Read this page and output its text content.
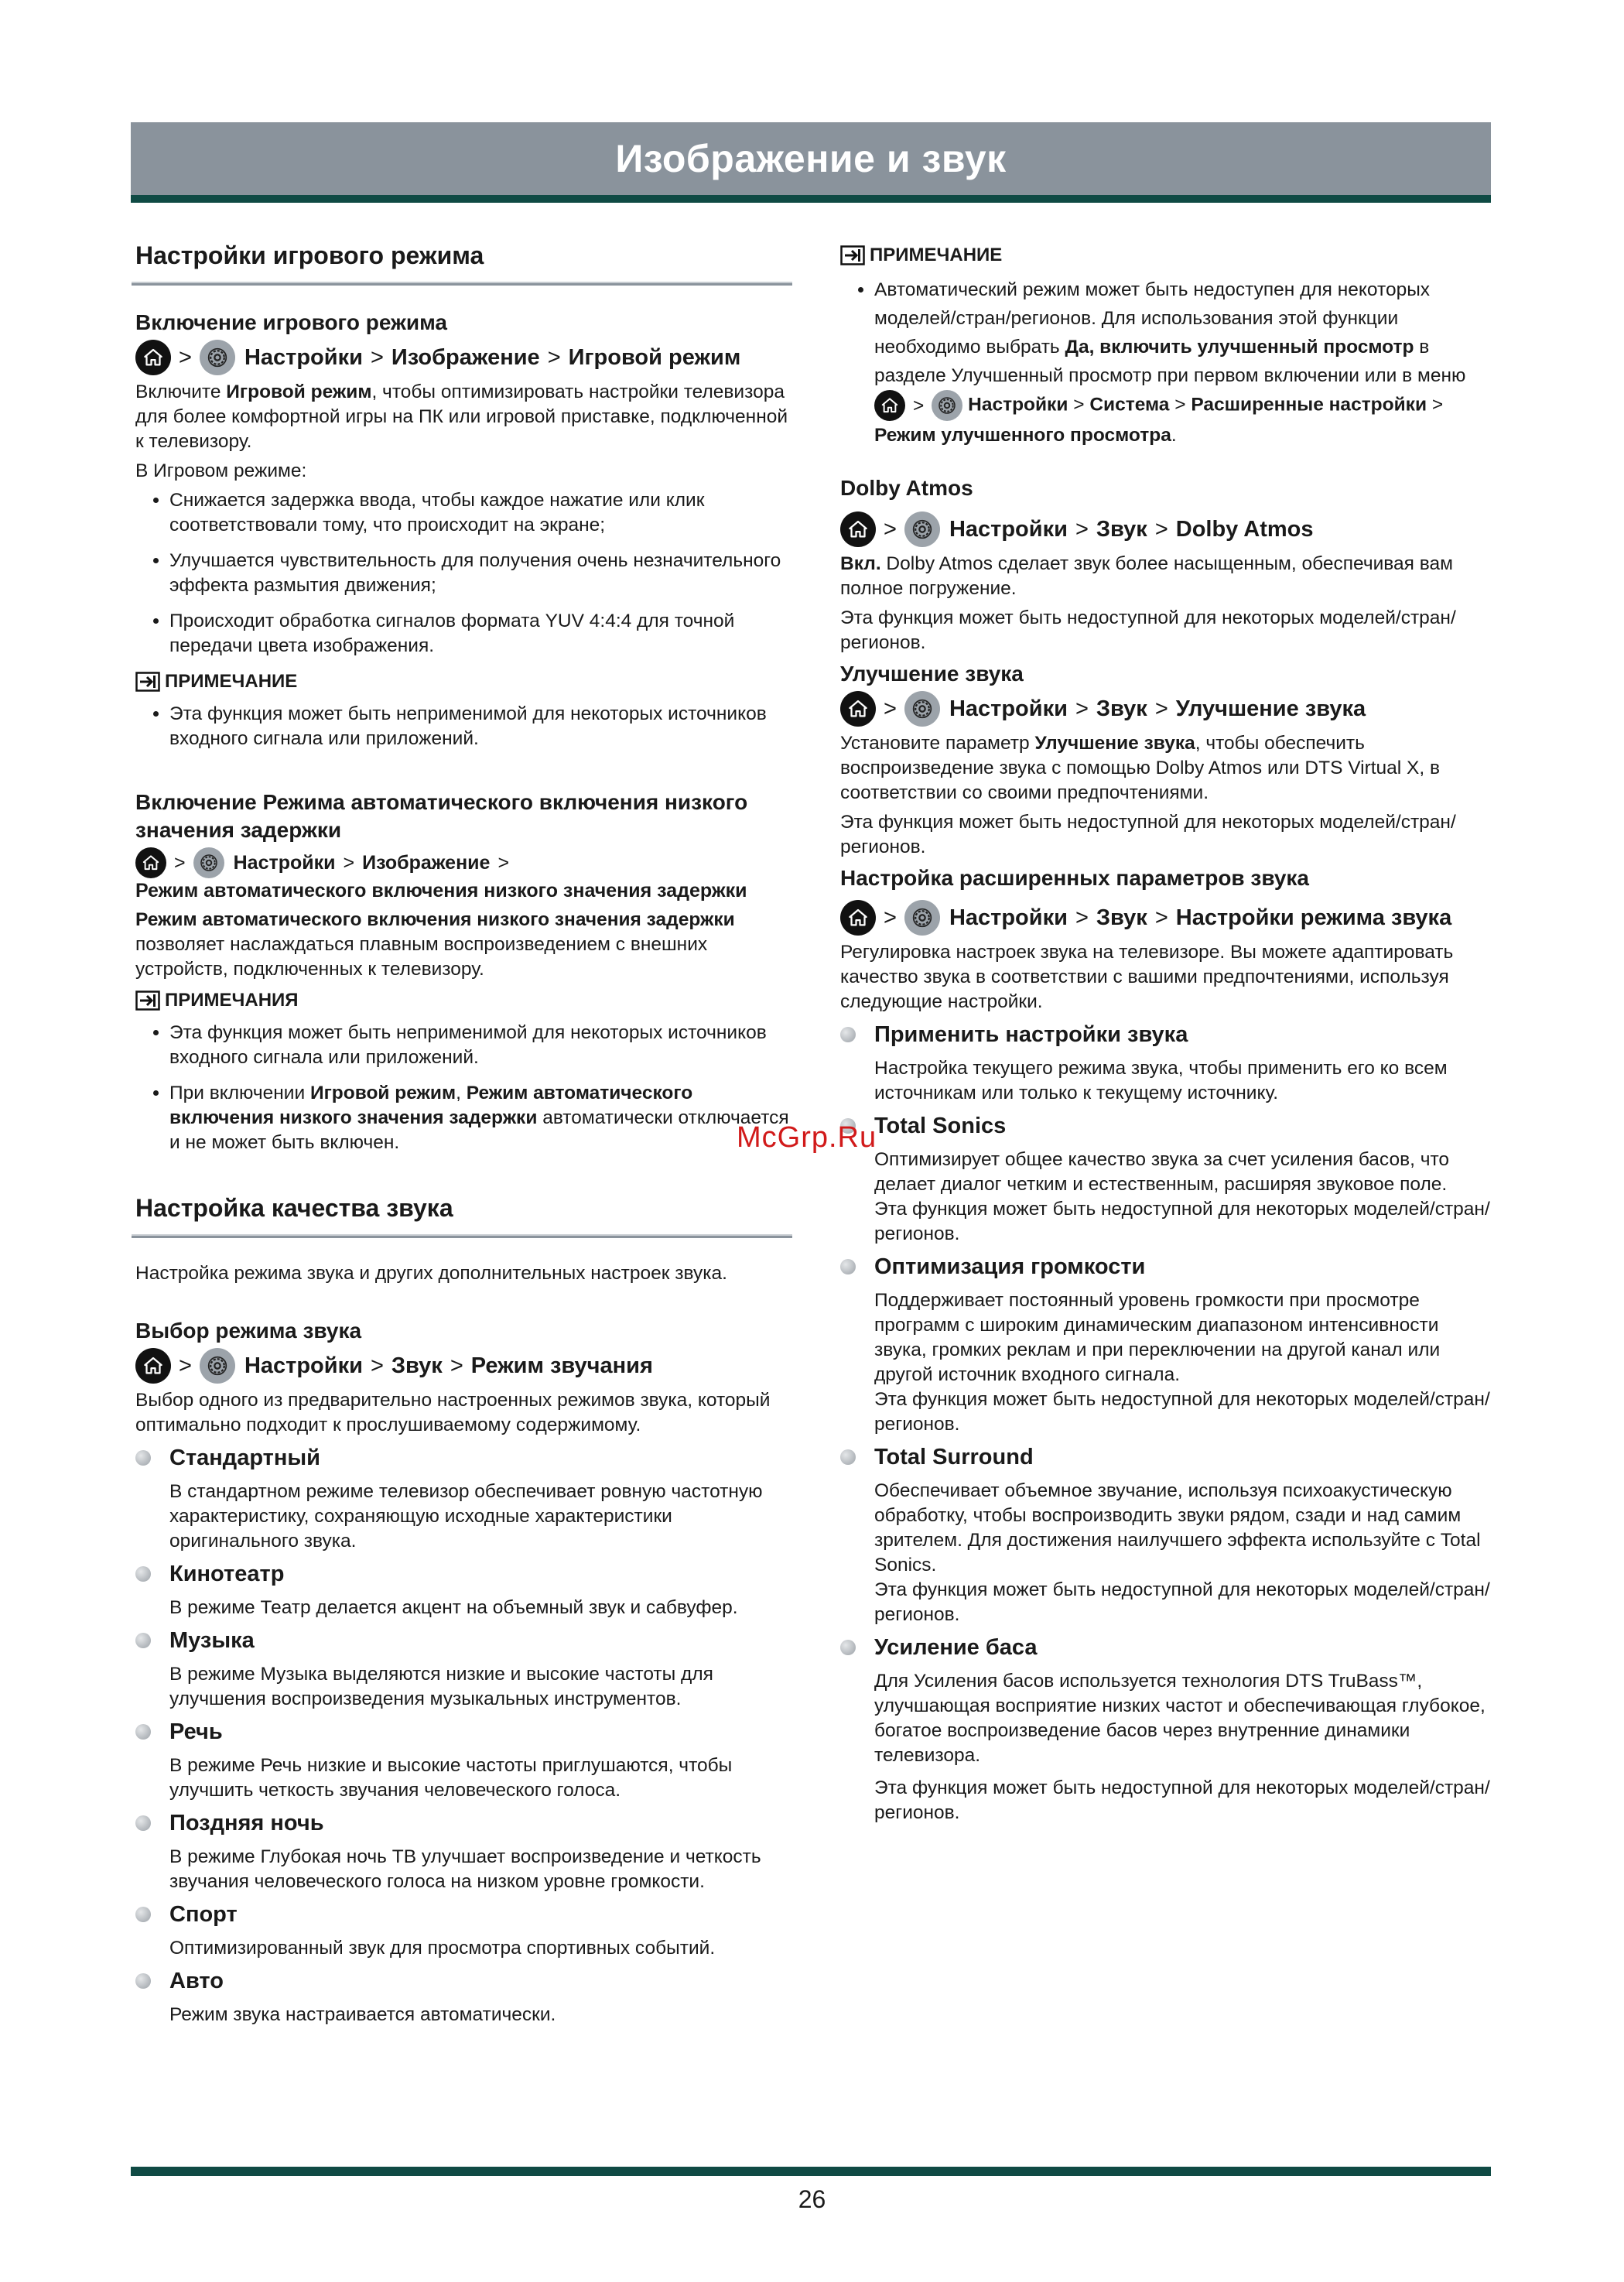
Изображение и звук
Настройки игрового режима
Включение игрового режима
> Настройки > Изображение > Игровой режим

Включите Игровой режим, чтобы оптимизировать настройки телевизора для более комфортной игры на ПК или игровой приставке, подключенной к телевизору.

В Игровом режиме:

• Снижается задержка ввода, чтобы каждое нажатие или клик соответствовали тому, что происходит на экране;
• Улучшается чувствительность для получения очень незначительного эффекта размытия движения;
• Происходит обработка сигналов формата YUV 4:4:4 для точной передачи цвета изображения.
ПРИМЕЧАНИЕ
• Эта функция может быть неприменимой для некоторых источников входного сигнала или приложений.
Включение Режима автоматического включения низкого значения задержки
> Настройки > Изображение >
Режим автоматического включения низкого значения задержки

Режим автоматического включения низкого значения задержки позволяет наслаждаться плавным воспроизведением с внешних устройств, подключенных к телевизору.

ПРИМЕЧАНИЯ
• Эта функция может быть неприменимой для некоторых источников входного сигнала или приложений.
• При включении Игровой режим, Режим автоматического включения низкого значения задержки автоматически отключается и не может быть включен.
Настройка качества звука

Настройка режима звука и других дополнительных настроек звука.

Выбор режима звука
> Настройки > Звук > Режим звучания

Выбор одного из предварительно настроенных режимов звука, который оптимально подходит к прослушиваемому содержимому.

Стандартный
В стандартном режиме телевизор обеспечивает ровную частотную характеристику, сохраняющую исходные характеристики оригинального звука.
Кинотеатр
В режиме Театр делается акцент на объемный звук и сабвуфер.
Музыка
В режиме Музыка выделяются низкие и высокие частоты для улучшения воспроизведения музыкальных инструментов.
Речь
В режиме Речь низкие и высокие частоты приглушаются, чтобы улучшить четкость звучания человеческого голоса.
Поздняя ночь
В режиме Глубокая ночь ТВ улучшает воспроизведение и четкость звучания человеческого голоса на низком уровне громкости.
Спорт
Оптимизированный звук для просмотра спортивных событий.
Авто
Режим звука настраивается автоматически.
ПРИМЕЧАНИЕ
• Автоматический режим может быть недоступен для некоторых моделей/стран/регионов. Для использования этой функции необходимо выбрать Да, включить улучшенный просмотр в разделе Улучшенный просмотр при первом включении или в меню
> Настройки > Система > Расширенные настройки > Режим улучшенного просмотра.
Dolby Atmos
> Настройки > Звук > Dolby Atmos

Вкл. Dolby Atmos сделает звук более насыщенным, обеспечивая вам полное погружение.

Эта функция может быть недоступной для некоторых моделей/стран/регионов.

Улучшение звука
> Настройки > Звук > Улучшение звука

Установите параметр Улучшение звука, чтобы обеспечить воспроизведение звука с помощью Dolby Atmos или DTS Virtual X, в соответствии со своими предпочтениями.

Эта функция может быть недоступной для некоторых моделей/стран/регионов.

Настройка расширенных параметров звука
> Настройки > Звук > Настройки режима звука

Регулировка настроек звука на телевизоре. Вы можете адаптировать качество звука в соответствии с вашими предпочтениями, используя следующие настройки.

Применить настройки звука
Настройка текущего режима звука, чтобы применить его ко всем источникам или только к текущему источнику.
Total Sonics
Оптимизирует общее качество звука за счет усиления басов, что делает диалог четким и естественным, расширяя звуковое поле.
Эта функция может быть недоступной для некоторых моделей/стран/регионов.
Оптимизация громкости
Поддерживает постоянный уровень громкости при просмотре программ с широким динамическим диапазоном интенсивности звука, громких реклам и при переключении на другой канал или другой источник входного сигнала.
Эта функция может быть недоступной для некоторых моделей/стран/регионов.
Total Surround
Обеспечивает объемное звучание, используя психоакустическую обработку, чтобы воспроизводить звуки рядом, сзади и над самим зрителем. Для достижения наилучшего эффекта используйте с Total Sonics.
Эта функция может быть недоступной для некоторых моделей/стран/регионов.
Усиление баса
Для Усиления басов используется технология DTS TruBass™, улучшающая восприятие низких частот и обеспечивающая глубокое, богатое воспроизведение басов через внутренние динамики телевизора.
Эта функция может быть недоступной для некоторых моделей/стран/регионов.
McGrp.Ru
26
